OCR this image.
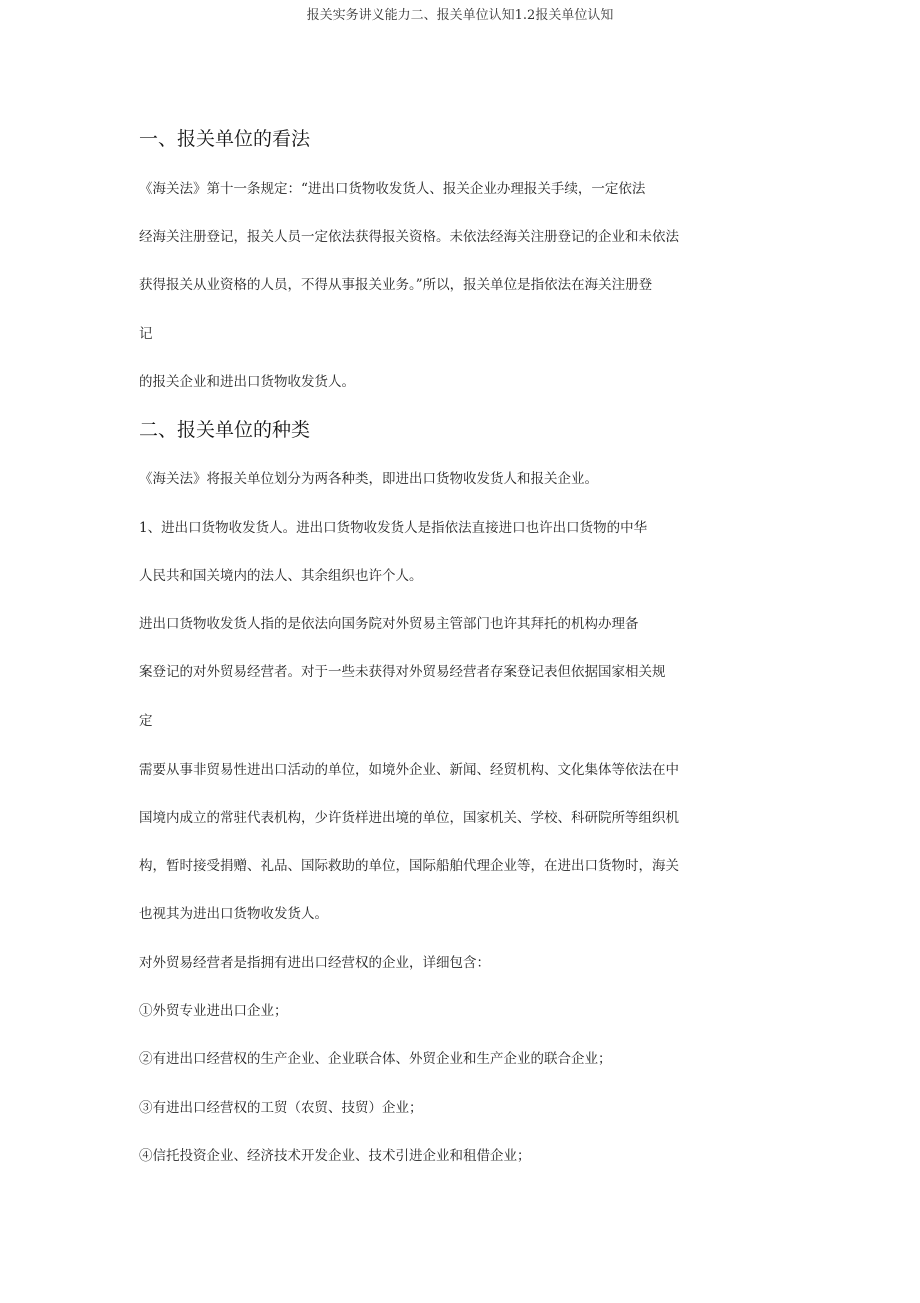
报关实务讲义能力二、报关单位认知1.2报关单位认知
一、报关单位的看法
《海关法》第十一条规定：“进出口货物收发货人、报关企业办理报关手续，一定依法
经海关注册登记，报关人员一定依法获得报关资格。未依法经海关注册登记的企业和未依法
获得报关从业资格的人员，不得从事报关业务。”所以，报关单位是指依法在海关注册登
记
的报关企业和进出口货物收发货人。
二、报关单位的种类
《海关法》将报关单位划分为两各种类，即进出口货物收发货人和报关企业。
1、进出口货物收发货人。进出口货物收发货人是指依法直接进口也许出口货物的中华
人民共和国关境内的法人、其余组织也许个人。
进出口货物收发货人指的是依法向国务院对外贸易主管部门也许其拜托的机构办理备
案登记的对外贸易经营者。对于一些未获得对外贸易经营者存案登记表但依据国家相关规
定
需要从事非贸易性进出口活动的单位，如境外企业、新闻、经贸机构、文化集体等依法在中
国境内成立的常驻代表机构，少许货样进出境的单位，国家机关、学校、科研院所等组织机
构，暂时接受捐赠、礼品、国际救助的单位，国际船舶代理企业等，在进出口货物时，海关
也视其为进出口货物收发货人。
对外贸易经营者是指拥有进出口经营权的企业，详细包含：
①外贸专业进出口企业；
②有进出口经营权的生产企业、企业联合体、外贸企业和生产企业的联合企业；
③有进出口经营权的工贸（农贸、技贸）企业；
④信托投资企业、经济技术开发企业、技术引进企业和租借企业；
